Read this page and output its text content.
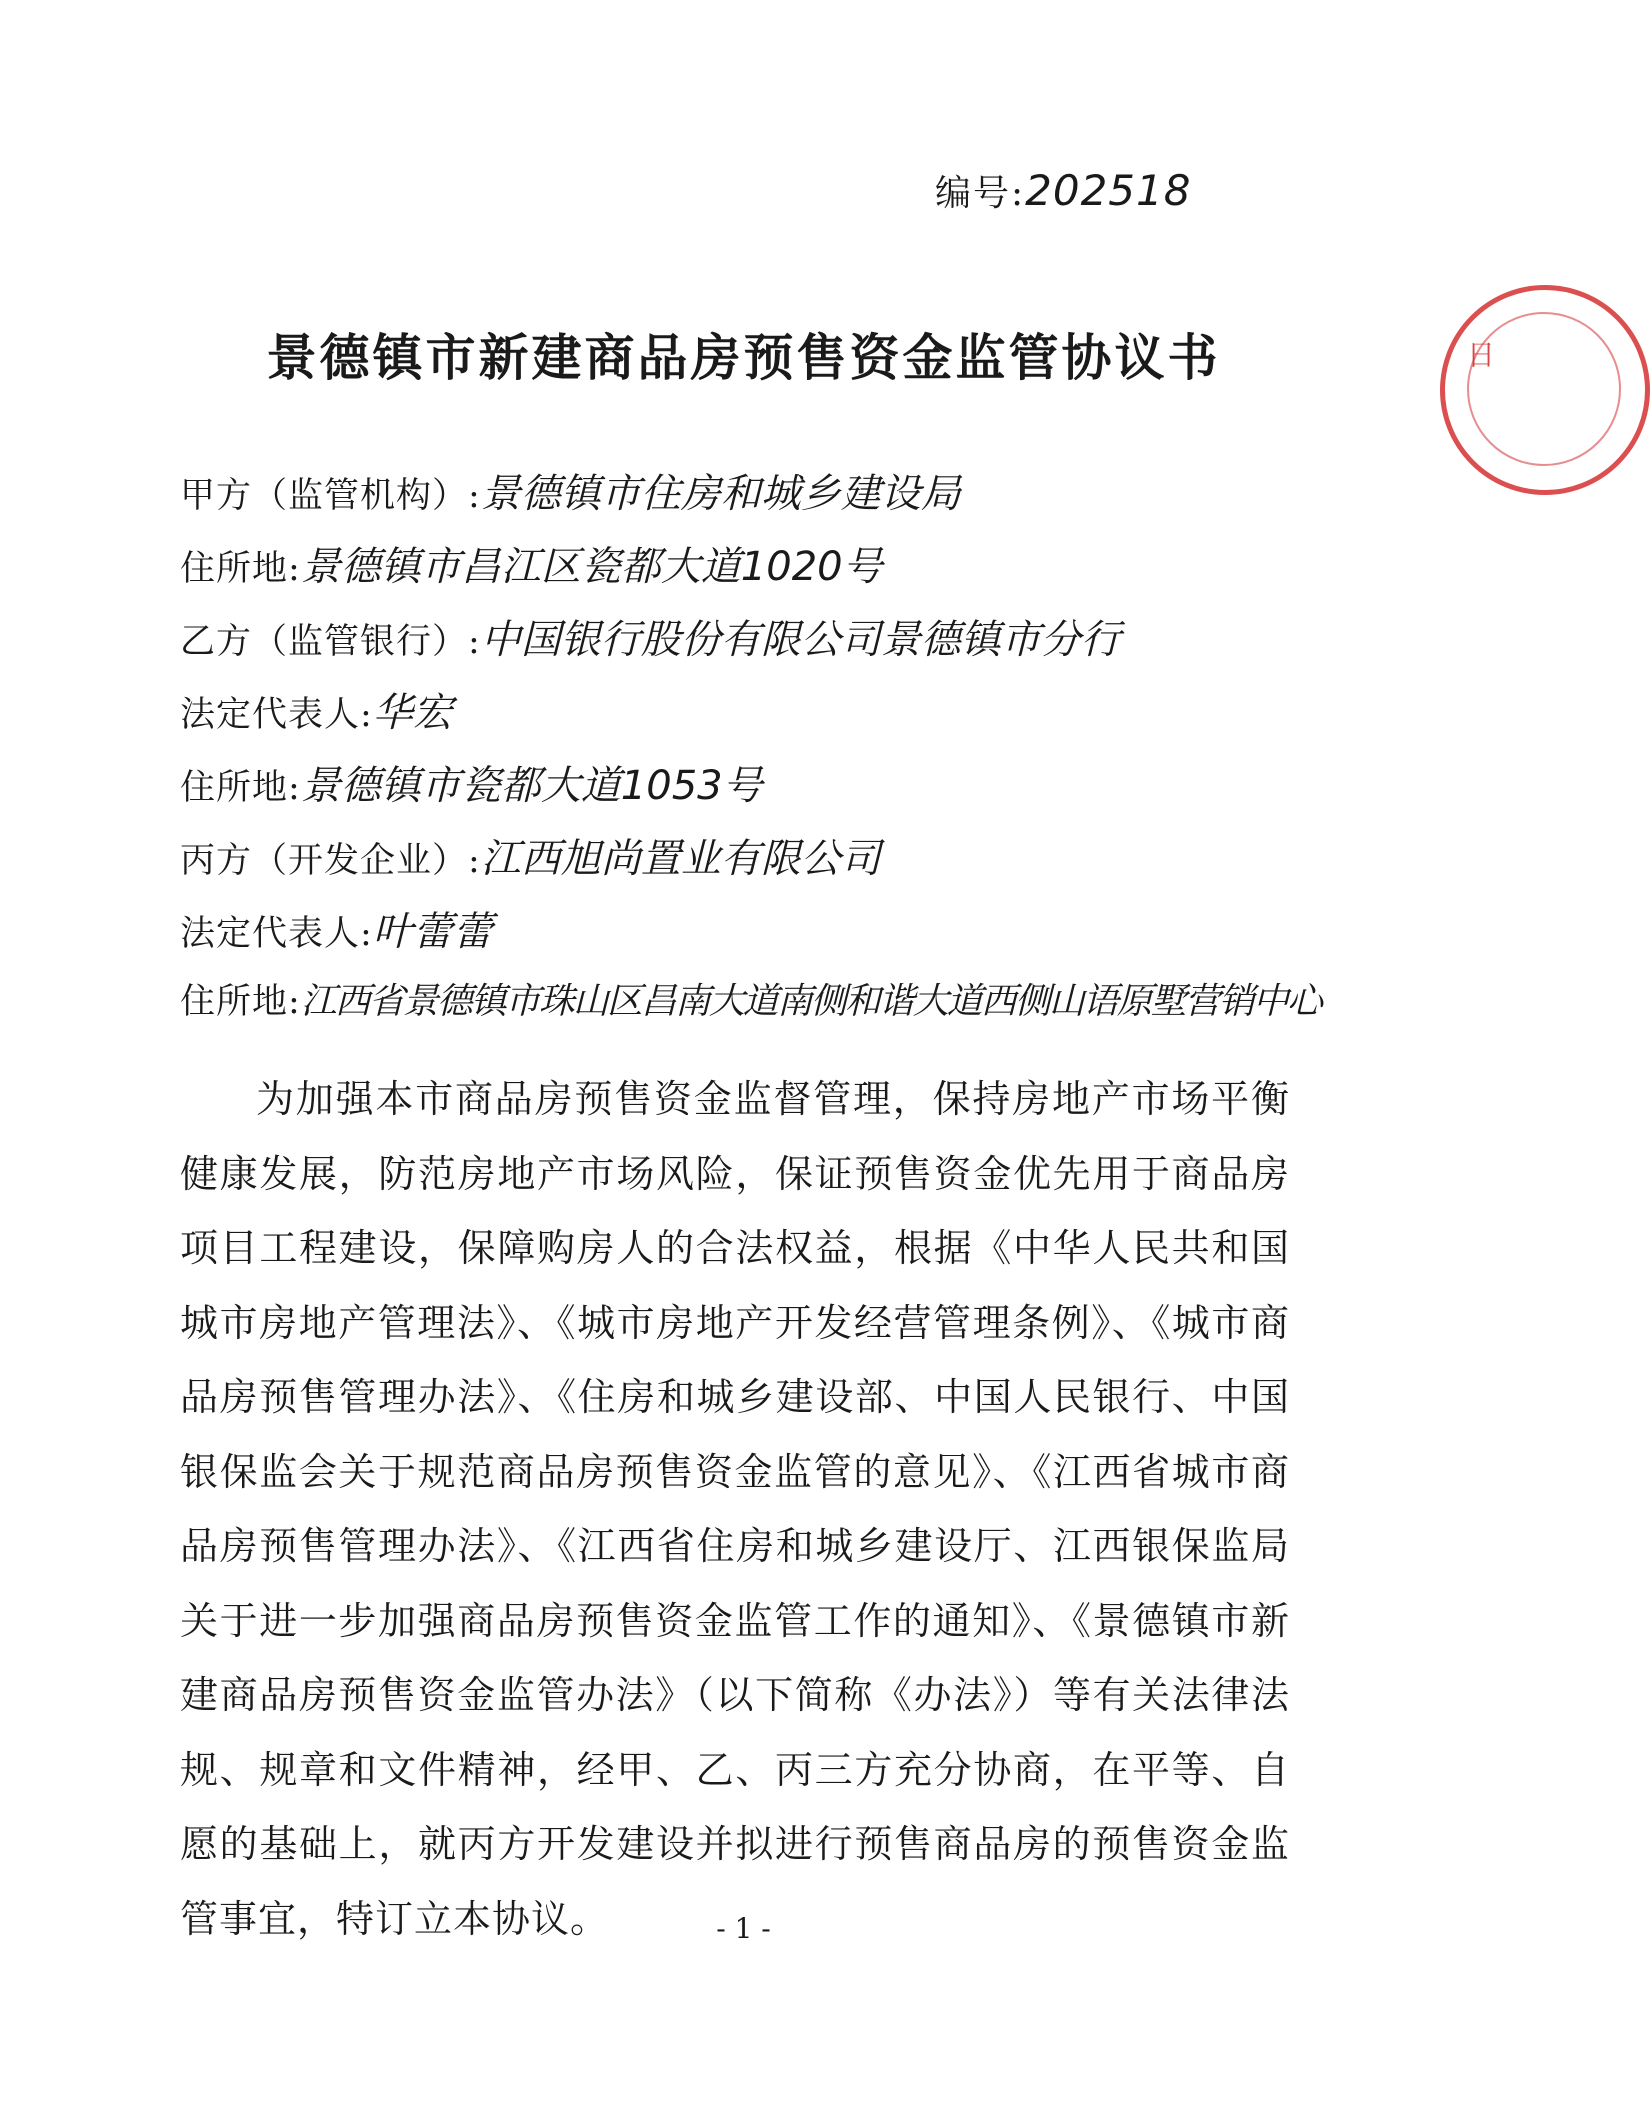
编号:202518
日
景德镇市新建商品房预售资金监管协议书
甲方（监管机构）:景德镇市住房和城乡建设局
住所地:景德镇市昌江区瓷都大道1020号
乙方（监管银行）:中国银行股份有限公司景德镇市分行
法定代表人:华宏
住所地:景德镇市瓷都大道1053号
丙方（开发企业）:江西旭尚置业有限公司
法定代表人:叶蕾蕾
住所地:江西省景德镇市珠山区昌南大道南侧和谐大道西侧山语原墅营销中心
为加强本市商品房预售资金监督管理，保持房地产市场平衡健康发展，防范房地产市场风险，保证预售资金优先用于商品房项目工程建设，保障购房人的合法权益，根据《中华人民共和国城市房地产管理法》、《城市房地产开发经营管理条例》、《城市商品房预售管理办法》、《住房和城乡建设部、中国人民银行、中国银保监会关于规范商品房预售资金监管的意见》、《江西省城市商品房预售管理办法》、《江西省住房和城乡建设厅、江西银保监局关于进一步加强商品房预售资金监管工作的通知》、《景德镇市新建商品房预售资金监管办法》（以下简称《办法》）等有关法律法规、规章和文件精神，经甲、乙、丙三方充分协商，在平等、自愿的基础上，就丙方开发建设并拟进行预售商品房的预售资金监管事宜，特订立本协议。	- 1 -
